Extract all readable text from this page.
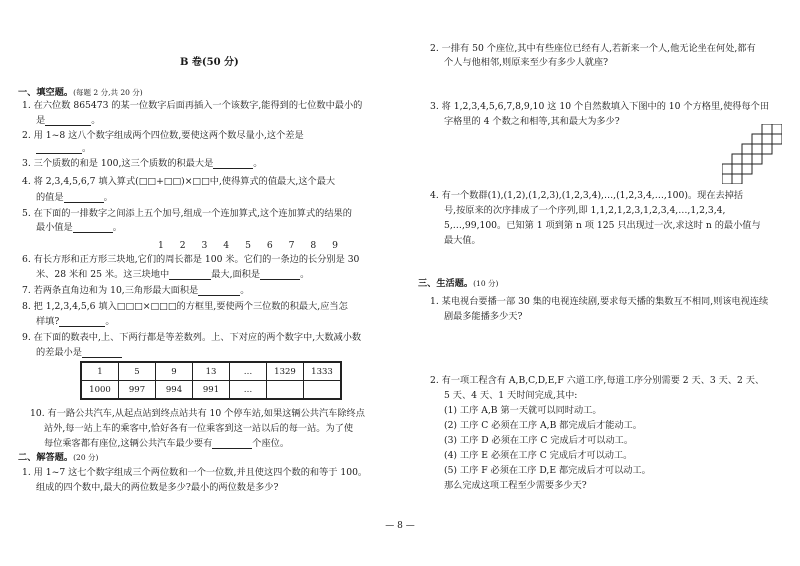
B 卷(50 分)
一、填空题。(每题 2 分,共 20 分)
1. 在六位数 865473 的某一位数字后面再插入一个该数字,能得到的七位数中最小的
是	。
2. 用 1~8 这八个数字组成两个四位数,要使这两个数尽量小,这个差是
。
3. 三个质数的和是 100,这三个质数的积最大是	。
4. 将 2,3,4,5,6,7 填入算式(□□+□□)×□□中,使得算式的值最大,这个最大
的值是	。
5. 在下面的一排数字之间添上五个加号,组成一个连加算式,这个连加算式的结果的
最小值是	。
1 2 3 4 5 6 7 8 9
6. 有长方形和正方形三块地,它们的周长都是 100 米。它们的一条边的长分别是 30
米、28 米和 25 米。这三块地中	最大,面积是	。
7. 若两条直角边和为 10,三角形最大面积是	。
8. 把 1,2,3,4,5,6 填入□□□×□□□的方框里,要使两个三位数的积最大,应当怎
样填?	。
9. 在下面的数表中,上、下两行都是等差数列。上、下对应的两个数字中,大数减小数
的差最小是
1	5	9	13	…	1329	1333
1000	997	994	991	…		
10. 有一路公共汽车,从起点站到终点站共有 10 个停车站,如果这辆公共汽车除终点
站外,每一站上车的乘客中,恰好各有一位乘客到这一站以后的每一站。为了使
每位乘客都有座位,这辆公共汽车最少要有	个座位。
二、解答题。(20 分)
1. 用 1~7 这七个数字组成三个两位数和一个一位数,并且使这四个数的和等于 100。
组成的四个数中,最大的两位数是多少?最小的两位数是多少?
2. 一排有 50 个座位,其中有些座位已经有人,若新来一个人,他无论坐在何处,都有
个人与他相邻,则原来至少有多少人就座?
3. 将 1,2,3,4,5,6,7,8,9,10 这 10 个自然数填入下图中的 10 个方格里,使得每个田
字格里的 4 个数之和相等,其和最大为多少?
4. 有一个数群(1),(1,2),(1,2,3),(1,2,3,4),…,(1,2,3,4,…,100)。现在去掉括
号,按原来的次序排成了一个序列,即 1,1,2,1,2,3,1,2,3,4,…,1,2,3,4,
5,…,99,100。已知第 1 项到第 n 项 125 只出现过一次,求这时 n 的最小值与
最大值。
三、生活题。(10 分)
1. 某电视台要播一部 30 集的电视连续剧,要求每天播的集数互不相同,则该电视连续
剧最多能播多少天?
2. 有一项工程含有 A,B,C,D,E,F 六道工序,每道工序分别需要 2 天、3 天、2 天、
5 天、4 天、1 天时间完成,其中:
(1) 工序 A,B 第一天就可以同时动工。
(2) 工序 C 必须在工序 A,B 都完成后才能动工。
(3) 工序 D 必须在工序 C 完成后才可以动工。
(4) 工序 E 必须在工序 C 完成后才可以动工。
(5) 工序 F 必须在工序 D,E 都完成后才可以动工。
那么完成这项工程至少需要多少天?
— 8 —
